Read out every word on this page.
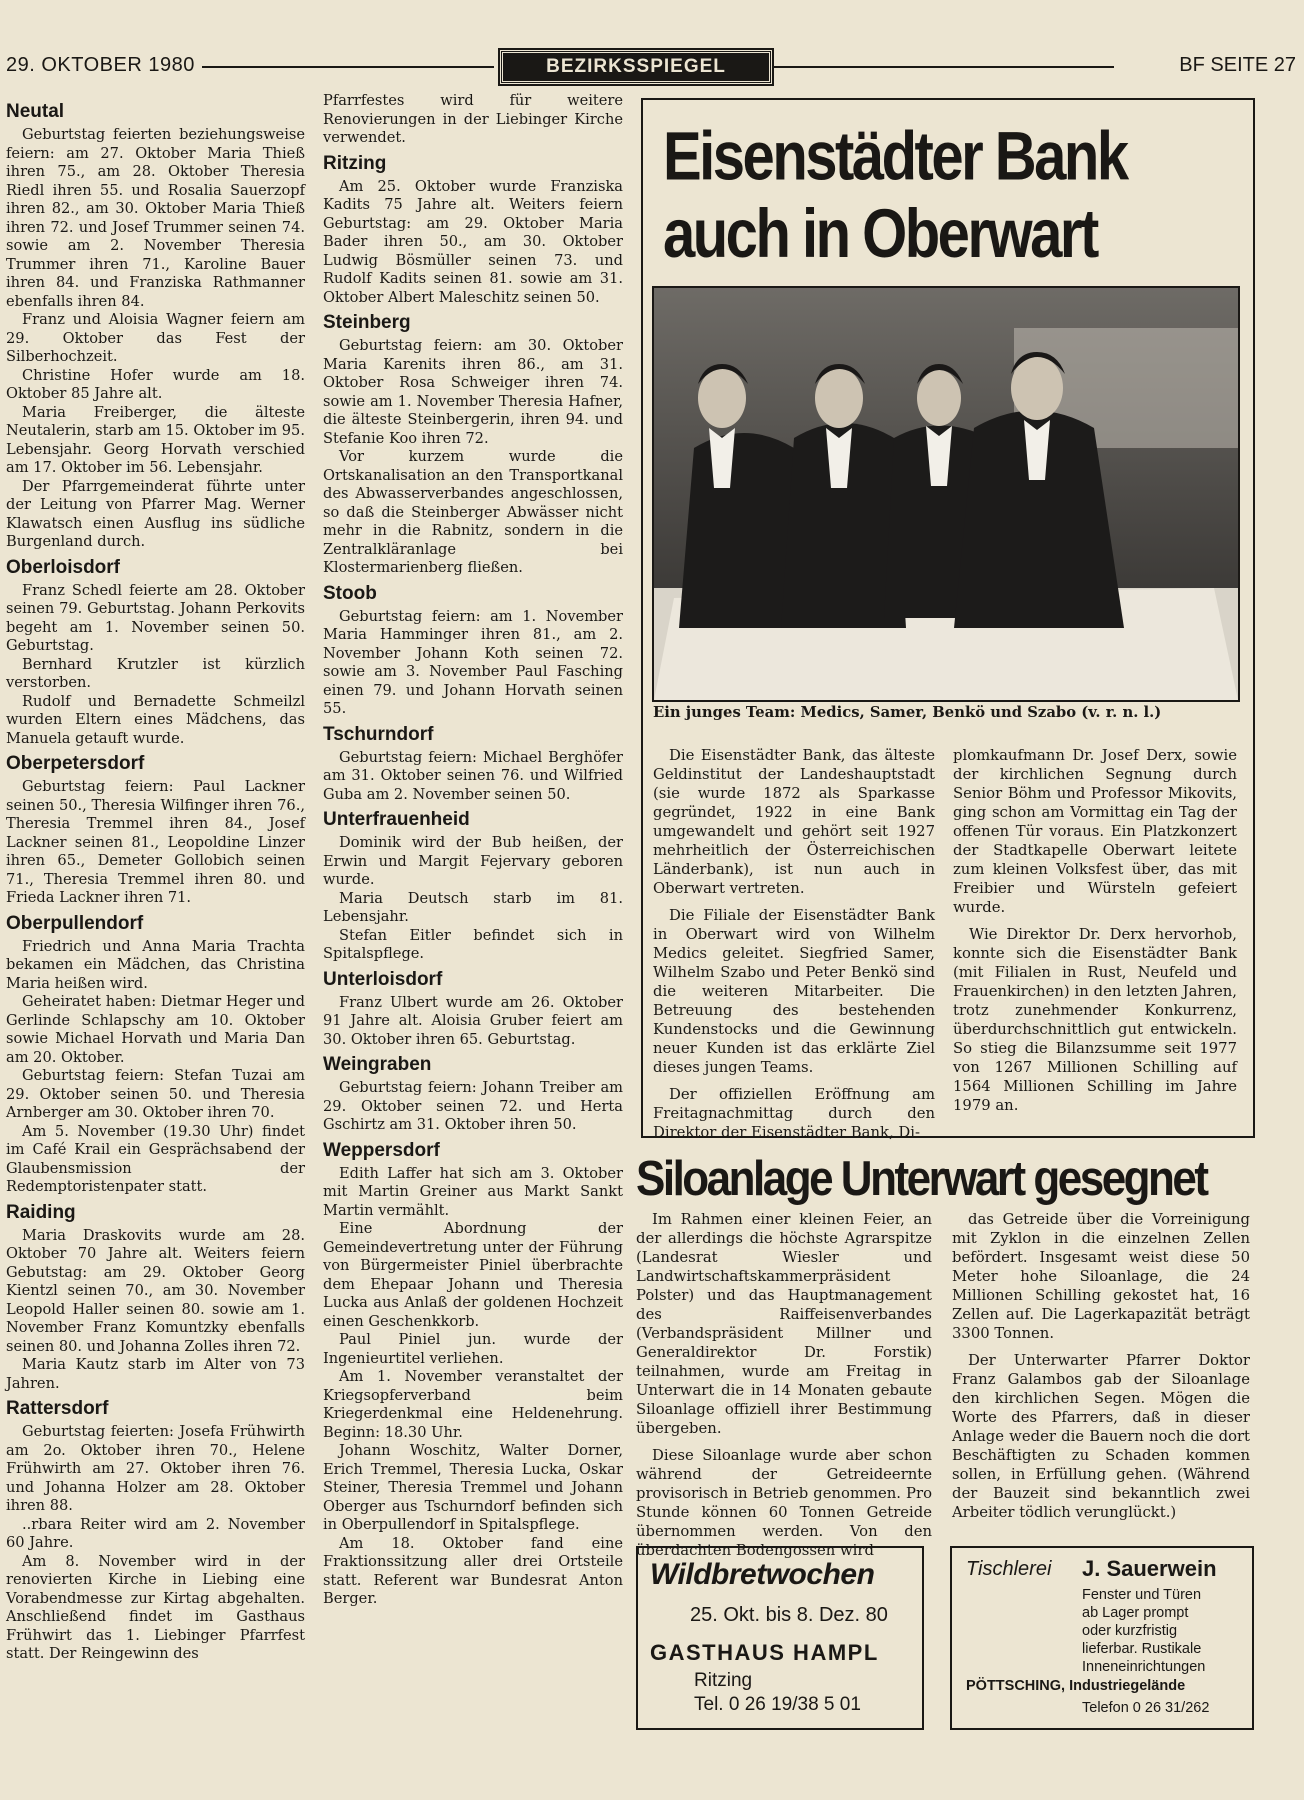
29. OKTOBER 1980	BEZIRKSSPIEGEL	BF SEITE 27
Neutal

Geburtstag feierten beziehungsweise feiern: am 27. Oktober Maria Thieß ihren 75., am 28. Oktober Theresia Riedl ihren 55. und Rosalia Sauerzopf ihren 82., am 30. Oktober Maria Thieß ihren 72. und Josef Trummer seinen 74. sowie am 2. November Theresia Trummer ihren 71., Karoline Bauer ihren 84. und Franziska Rathmanner ebenfalls ihren 84.

Franz und Aloisia Wagner feiern am 29. Oktober das Fest der Silberhochzeit.

Christine Hofer wurde am 18. Oktober 85 Jahre alt.

Maria Freiberger, die älteste Neutalerin, starb am 15. Oktober im 95. Lebensjahr. Georg Horvath verschied am 17. Oktober im 56. Lebensjahr.

Der Pfarrgemeinderat führte unter der Leitung von Pfarrer Mag. Werner Klawatsch einen Ausflug ins südliche Burgenland durch.

Oberloisdorf

Franz Schedl feierte am 28. Oktober seinen 79. Geburtstag. Johann Perkovits begeht am 1. November seinen 50. Geburtstag.

Bernhard Krutzler ist kürzlich verstorben.

Rudolf und Bernadette Schmeilzl wurden Eltern eines Mädchens, das Manuela getauft wurde.

Oberpetersdorf

Geburtstag feiern: Paul Lackner seinen 50., Theresia Wilfinger ihren 76., Theresia Tremmel ihren 84., Josef Lackner seinen 81., Leopoldine Linzer ihren 65., Demeter Gollobich seinen 71., Theresia Tremmel ihren 80. und Frieda Lackner ihren 71.

Oberpullendorf

Friedrich und Anna Maria Trachta bekamen ein Mädchen, das Christina Maria heißen wird.

Geheiratet haben: Dietmar Heger und Gerlinde Schlapschy am 10. Oktober sowie Michael Horvath und Maria Dan am 20. Oktober.

Geburtstag feiern: Stefan Tuzai am 29. Oktober seinen 50. und Theresia Arnberger am 30. Oktober ihren 70.

Am 5. November (19.30 Uhr) findet im Café Krail ein Gesprächsabend der Glaubensmission der Redemptoristenpater statt.

Raiding

Maria Draskovits wurde am 28. Oktober 70 Jahre alt. Weiters feiern Gebutstag: am 29. Oktober Georg Kientzl seinen 70., am 30. November Leopold Haller seinen 80. sowie am 1. November Franz Komuntzky ebenfalls seinen 80. und Johanna Zolles ihren 72.

Maria Kautz starb im Alter von 73 Jahren.

Rattersdorf

Geburtstag feierten: Josefa Frühwirth am 2o. Oktober ihren 70., Helene Frühwirth am 27. Oktober ihren 76. und Johanna Holzer am 28. Oktober ihren 88.

..rbara Reiter wird am 2. November 60 Jahre.

Am 8. November wird in der renovierten Kirche in Liebing eine Vorabendmesse zur Kirtag abgehalten. Anschließend findet im Gasthaus Frühwirt das 1. Liebinger Pfarrfest statt. Der Reingewinn des

Pfarrfestes wird für weitere Renovierungen in der Liebinger Kirche verwendet.

Ritzing

Am 25. Oktober wurde Franziska Kadits 75 Jahre alt. Weiters feiern Geburtstag: am 29. Oktober Maria Bader ihren 50., am 30. Oktober Ludwig Bösmüller seinen 73. und Rudolf Kadits seinen 81. sowie am 31. Oktober Albert Maleschitz seinen 50.

Steinberg

Geburtstag feiern: am 30. Oktober Maria Karenits ihren 86., am 31. Oktober Rosa Schweiger ihren 74. sowie am 1. November Theresia Hafner, die älteste Steinbergerin, ihren 94. und Stefanie Koo ihren 72.

Vor kurzem wurde die Ortskanalisation an den Transportkanal des Abwasserverbandes angeschlossen, so daß die Steinberger Abwässer nicht mehr in die Rabnitz, sondern in die Zentralkläranlage bei Klostermarienberg fließen.

Stoob

Geburtstag feiern: am 1. November Maria Hamminger ihren 81., am 2. November Johann Koth seinen 72. sowie am 3. November Paul Fasching einen 79. und Johann Horvath seinen 55.

Tschurndorf

Geburtstag feiern: Michael Berghöfer am 31. Oktober seinen 76. und Wilfried Guba am 2. November seinen 50.

Unterfrauenheid

Dominik wird der Bub heißen, der Erwin und Margit Fejervary geboren wurde.

Maria Deutsch starb im 81. Lebensjahr.

Stefan Eitler befindet sich in Spitalspflege.

Unterloisdorf

Franz Ulbert wurde am 26. Oktober 91 Jahre alt. Aloisia Gruber feiert am 30. Oktober ihren 65. Geburtstag.

Weingraben

Geburtstag feiern: Johann Treiber am 29. Oktober seinen 72. und Herta Gschirtz am 31. Oktober ihren 50.

Weppersdorf

Edith Laffer hat sich am 3. Oktober mit Martin Greiner aus Markt Sankt Martin vermählt.

Eine Abordnung der Gemeindevertretung unter der Führung von Bürgermeister Piniel überbrachte dem Ehepaar Johann und Theresia Lucka aus Anlaß der goldenen Hochzeit einen Geschenkkorb.

Paul Piniel jun. wurde der Ingenieurtitel verliehen.

Am 1. November veranstaltet der Kriegsopferverband beim Kriegerdenkmal eine Heldenehrung. Beginn: 18.30 Uhr.

Johann Woschitz, Walter Dorner, Erich Tremmel, Theresia Lucka, Oskar Steiner, Theresia Tremmel und Johann Oberger aus Tschurndorf befinden sich in Oberpullendorf in Spitalspflege.

Am 18. Oktober fand eine Fraktionssitzung aller drei Ortsteile statt. Referent war Bundesrat Anton Berger.

Eisenstädter Bank
auch in Oberwart
Ein junges Team: Medics, Samer, Benkö und Szabo (v. r. n. l.)

Die Eisenstädter Bank, das älteste Geldinstitut der Landeshauptstadt (sie wurde 1872 als Sparkasse gegründet, 1922 in eine Bank umgewandelt und gehört seit 1927 mehrheitlich der Österreichischen Länderbank), ist nun auch in Oberwart vertreten.

Die Filiale der Eisenstädter Bank in Oberwart wird von Wilhelm Medics geleitet. Siegfried Samer, Wilhelm Szabo und Peter Benkö sind die weiteren Mitarbeiter. Die Betreuung des bestehenden Kundenstocks und die Gewinnung neuer Kunden ist das erklärte Ziel dieses jungen Teams.

Der offiziellen Eröffnung am Freitagnachmittag durch den Direktor der Eisenstädter Bank, Di-

plomkaufmann Dr. Josef Derx, sowie der kirchlichen Segnung durch Senior Böhm und Professor Mikovits, ging schon am Vormittag ein Tag der offenen Tür voraus. Ein Platzkonzert der Stadtkapelle Oberwart leitete zum kleinen Volksfest über, das mit Freibier und Würsteln gefeiert wurde.

Wie Direktor Dr. Derx hervorhob, konnte sich die Eisenstädter Bank (mit Filialen in Rust, Neufeld und Frauenkirchen) in den letzten Jahren, trotz zunehmender Konkurrenz, überdurchschnittlich gut entwickeln. So stieg die Bilanzsumme seit 1977 von 1267 Millionen Schilling auf 1564 Millionen Schilling im Jahre 1979 an.

Siloanlage Unterwart gesegnet

Im Rahmen einer kleinen Feier, an der allerdings die höchste Agrarspitze (Landesrat Wiesler und Landwirtschaftskammerpräsident Polster) und das Hauptmanagement des Raiffeisenverbandes (Verbandspräsident Millner und Generaldirektor Dr. Forstik) teilnahmen, wurde am Freitag in Unterwart die in 14 Monaten gebaute Siloanlage offiziell ihrer Bestimmung übergeben.

Diese Siloanlage wurde aber schon während der Getreideernte provisorisch in Betrieb genommen. Pro Stunde können 60 Tonnen Getreide übernommen werden. Von den überdachten Bodengossen wird

das Getreide über die Vorreinigung mit Zyklon in die einzelnen Zellen befördert. Insgesamt weist diese 50 Meter hohe Siloanlage, die 24 Millionen Schilling gekostet hat, 16 Zellen auf. Die Lagerkapazität beträgt 3300 Tonnen.

Der Unterwarter Pfarrer Doktor Franz Galambos gab der Siloanlage den kirchlichen Segen. Mögen die Worte des Pfarrers, daß in dieser Anlage weder die Bauern noch die dort Beschäftigten zu Schaden kommen sollen, in Erfüllung gehen. (Während der Bauzeit sind bekanntlich zwei Arbeiter tödlich verunglückt.)

Wildbretwochen
25. Okt. bis 8. Dez. 80
GASTHAUS HAMPL
Ritzing
Tel. 0 26 19/38 5 01
Tischlerei J. Sauerwein
Fenster und Türen
ab Lager prompt
oder kurzfristig
lieferbar. Rustikale
Inneneinrichtungen
PÖTTSCHING, Industriegelände
Telefon 0 26 31/262
